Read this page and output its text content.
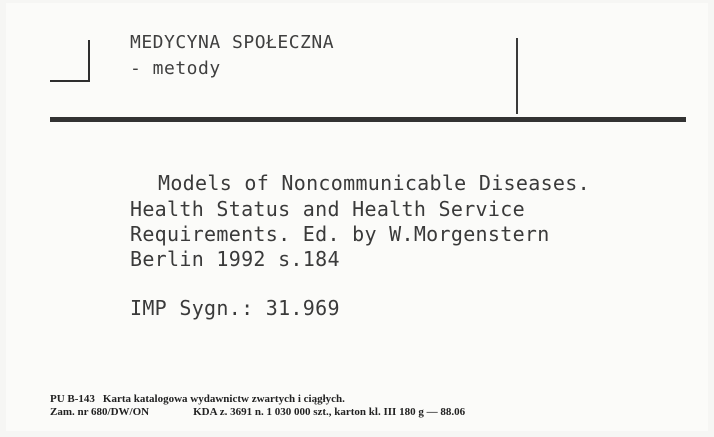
MEDYCYNA SPOŁECZNA
- metody
Models of Noncommunicable Diseases.
Health Status and Health Service
Requirements. Ed. by W.Morgenstern
Berlin 1992 s.184
IMP Sygn.: 31.969
PU B-143 Karta katalogowa wydawnictw zwartych i ciągłych.
Zam. nr 680/DW/ON	KDA z. 3691 n. 1 030 000 szt., karton kl. III 180 g — 88.06
